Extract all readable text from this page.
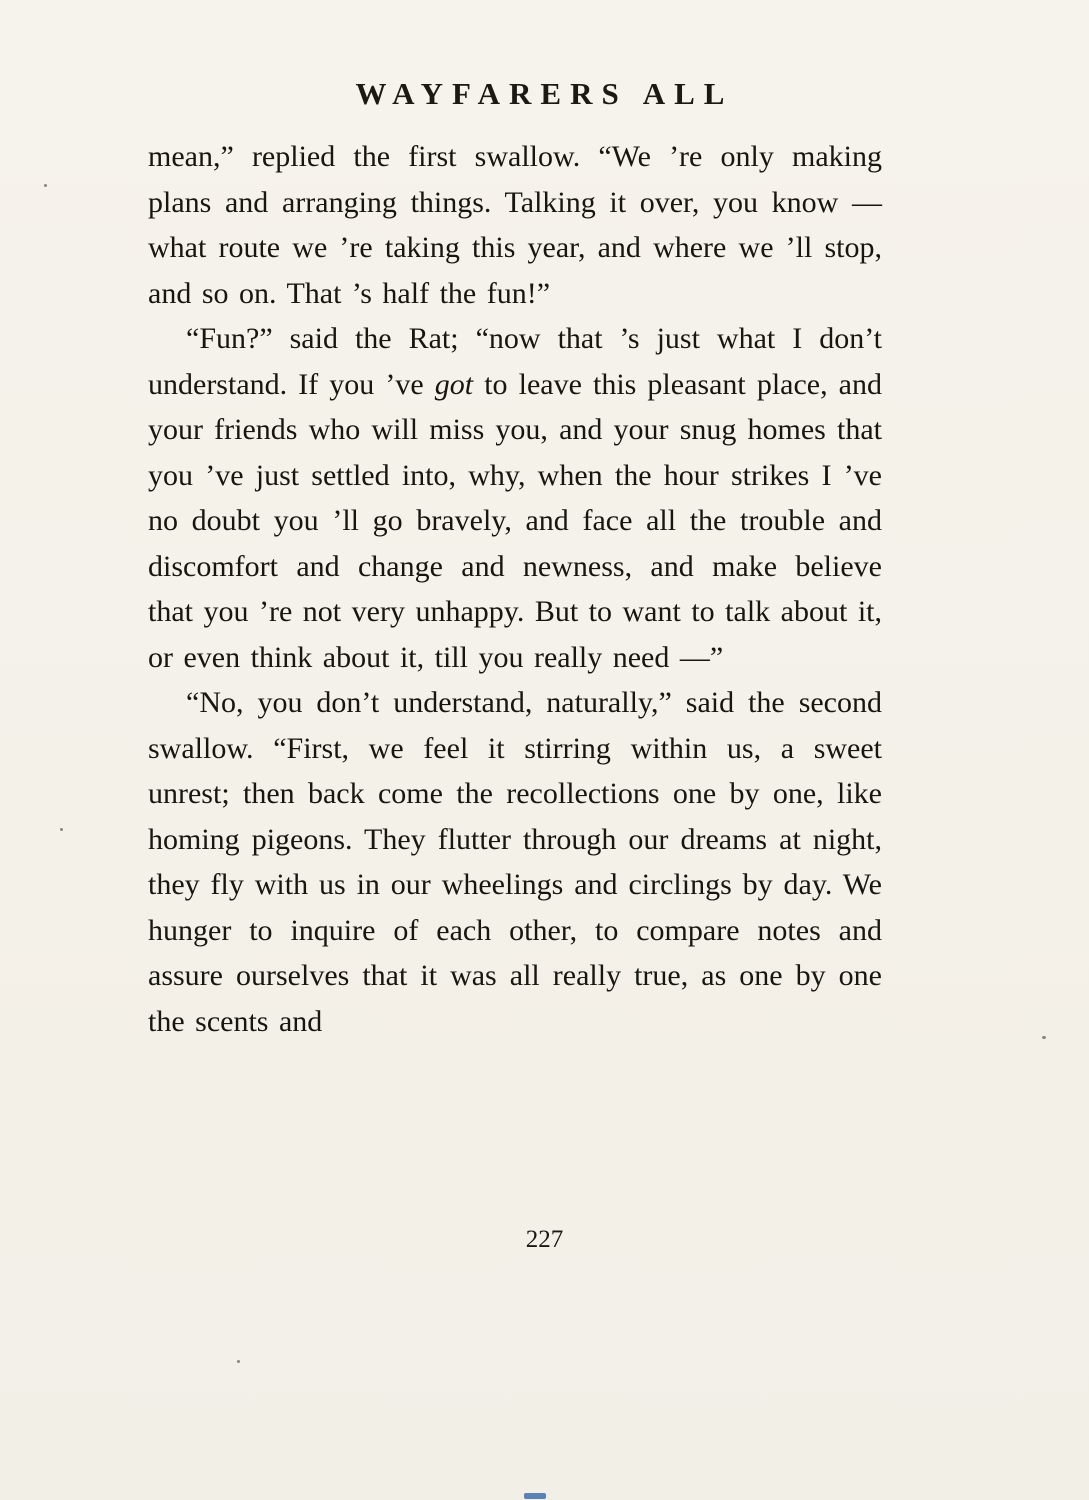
WAYFARERS ALL

mean,” replied the first swallow. “We ’re only making plans and arranging things. Talking it over, you know — what route we ’re taking this year, and where we ’ll stop, and so on. That ’s half the fun!”

“Fun?” said the Rat; “now that ’s just what I don’t understand. If you ’ve got to leave this pleasant place, and your friends who will miss you, and your snug homes that you ’ve just settled into, why, when the hour strikes I ’ve no doubt you ’ll go bravely, and face all the trouble and discomfort and change and newness, and make believe that you ’re not very unhappy. But to want to talk about it, or even think about it, till you really need —”

“No, you don’t understand, naturally,” said the second swallow. “First, we feel it stirring within us, a sweet unrest; then back come the recollections one by one, like homing pigeons. They flutter through our dreams at night, they fly with us in our wheelings and circlings by day. We hunger to inquire of each other, to compare notes and assure ourselves that it was all really true, as one by one the scents and

227
